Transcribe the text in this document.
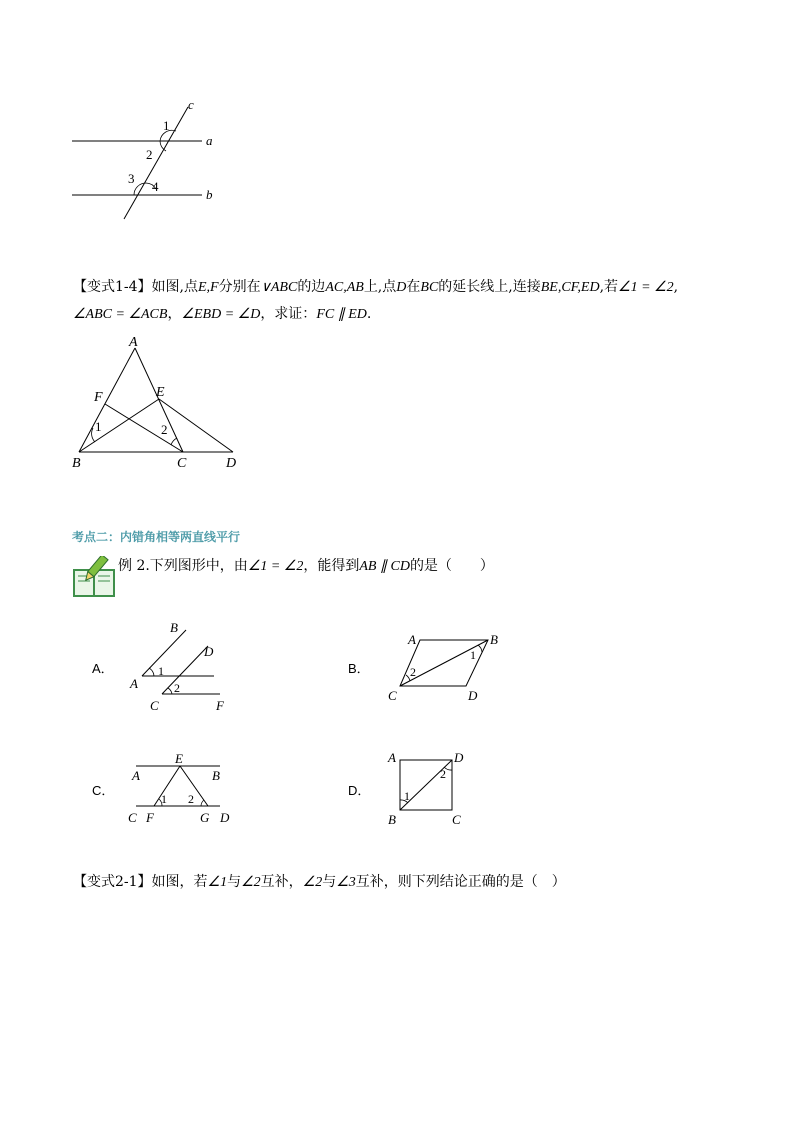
c
a
b
1
2
3
4
【变式1-4】如图,点E,F分别在∨ABC的边AC,AB上,点D在BC的延长线上,连接BE,CF,ED,若∠1 = ∠2,
∠ABC = ∠ACB，∠EBD = ∠D，求证：FC ∥ ED.
A
F	E
B	C	D
1	2
考点二：内错角相等两直线平行
例 2.下列图形中，由∠1 = ∠2，能得到AB ∥ CD的是（　　）
A．
B
D
A
C	F
1
2
B．
A	B
C	D
1
2
C．
E
A	B
C F	G D
1 2
D．
A	D
B	C
1
2
【变式2-1】如图，若∠1与∠2互补，∠2与∠3互补，则下列结论正确的是（　）
